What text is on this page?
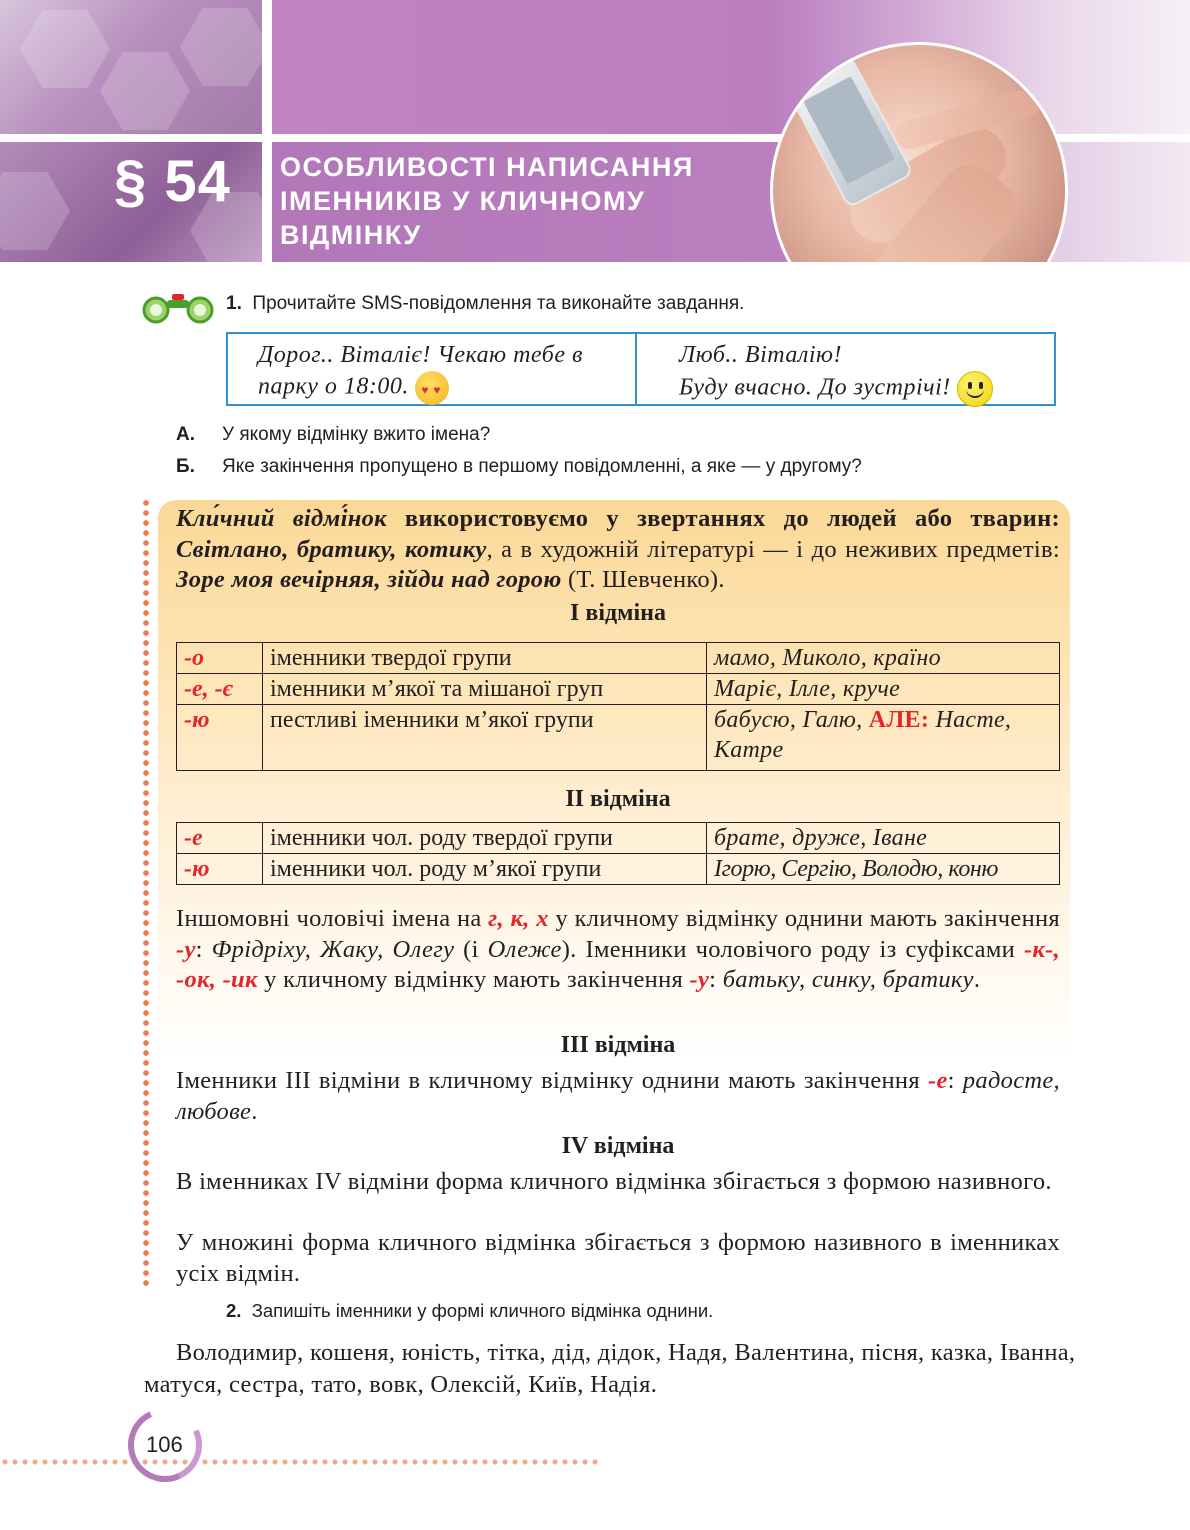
§ 54 ОСОБЛИВОСТІ НАПИСАННЯ
ІМЕННИКІВ У КЛИЧНОМУ
ВІДМІНКУ
1. Прочитайте SMS-повідомлення та виконайте завдання.
Дорог.. Віталіє! Чекаю тебе в
парку о 18:00. ♥ ♥
Люб.. Віталію!
Буду вчасно. До зустрічі!
А. У якому відмінку вжито імена?
Б. Яке закінчення пропущено в першому повідомленні, а яке — у другому?
Кли́чний відмі́нок використовуємо у звертаннях до людей або тварин: Світлано, братику, котику, а в художній літературі — і до неживих предметів: Зоре моя вечірняя, зійди над горою (Т. Шевченко).
І відміна
-о	іменники твердої групи	мамо, Миколо, країно
-е, -є	іменники м’якої та мішаної груп	Маріє, Ілле, круче
-ю	пестливі іменники м’якої групи	бабусю, Галю, АЛЕ: Насте, Катре
ІІ відміна
-е	іменники чол. роду твердої групи	брате, друже, Іване
-ю	іменники чол. роду м’якої групи	Ігорю, Сергію, Володю, коню
Іншомовні чоловічі імена на г, к, х у кличному відмінку однини мають закінчення -у: Фрідріху, Жаку, Олегу (і Олеже). Іменники чоловічого роду із суфіксами -к-, -ок, -ик у кличному відмінку мають закінчення -у: батьку, синку, братику.
ІІІ відміна
Іменники ІІІ відміни в кличному відмінку однини мають закінчення -е: радосте, любове.
IV відміна
В іменниках IV відміни форма кличного відмінка збігається з формою називного.
У множині форма кличного відмінка збігається з формою називного в іменниках усіх відмін.
2. Запишіть іменники у формі кличного відмінка однини.
Володимир, кошеня, юність, тітка, дід, дідок, Надя, Валентина, пісня, казка, Іванна, матуся, сестра, тато, вовк, Олексій, Київ, Надія.
106
